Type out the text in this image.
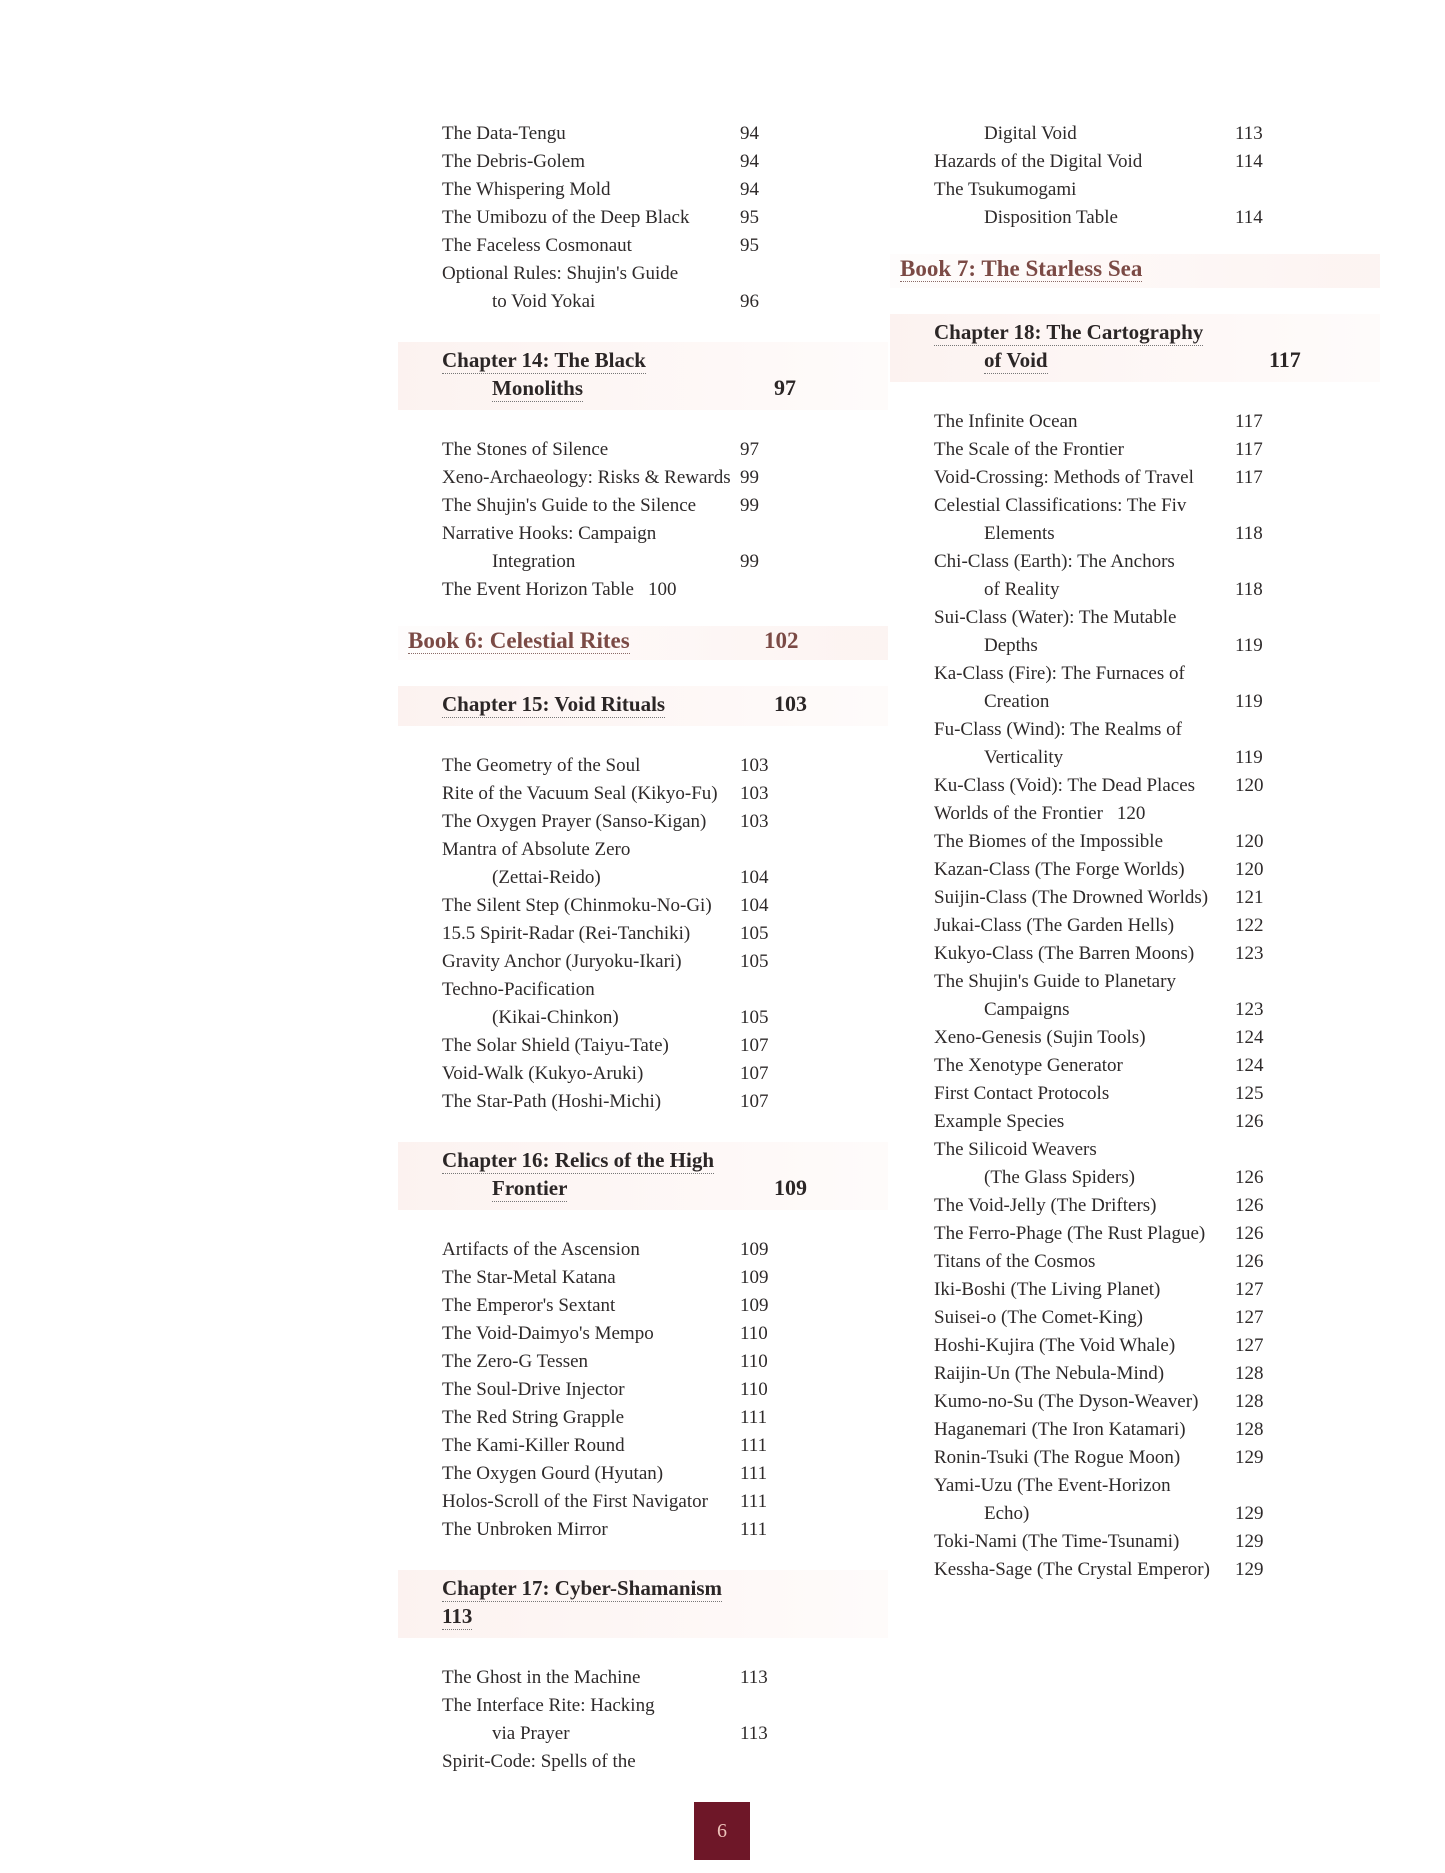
The Data-Tengu	94
The Debris-Golem	94
The Whispering Mold	94
The Umibozu of the Deep Black	95
The Faceless Cosmonaut	95
Optional Rules: Shujin's Guide
to Void Yokai	96
Chapter 14: The Black
Monoliths	97
The Stones of Silence	97
Xeno-Archaeology: Risks & Rewards 99
The Shujin's Guide to the Silence 99
Narrative Hooks: Campaign
Integration	99
The Event Horizon Table 100
Book 6: Celestial Rites	102
Chapter 15: Void Rituals	103
The Geometry of the Soul	103
Rite of the Vacuum Seal (Kikyo-Fu) 103
The Oxygen Prayer (Sanso-Kigan) 103
Mantra of Absolute Zero
(Zettai-Reido)	104
The Silent Step (Chinmoku-No-Gi) 104
15.5 Spirit-Radar (Rei-Tanchiki)	105
Gravity Anchor (Juryoku-Ikari)	105
Techno-Pacification
(Kikai-Chinkon)	105
The Solar Shield (Taiyu-Tate)	107
Void-Walk (Kukyo-Aruki)	107
The Star-Path (Hoshi-Michi)	107
Chapter 16: Relics of the High
Frontier	109
Artifacts of the Ascension	109
The Star-Metal Katana	109
The Emperor's Sextant	109
The Void-Daimyo's Mempo	110
The Zero-G Tessen	110
The Soul-Drive Injector	110
The Red String Grapple	111
The Kami-Killer Round	111
The Oxygen Gourd (Hyutan)	111
Holos-Scroll of the First Navigator 111
The Unbroken Mirror	111
Chapter 17: Cyber-Shamanism
113
The Ghost in the Machine	113
The Interface Rite: Hacking
via Prayer	113
Spirit-Code: Spells of the
Digital Void	113
Hazards of the Digital Void	114
The Tsukumogami
Disposition Table	114
Book 7: The Starless Sea
Chapter 18: The Cartography
of Void	117
The Infinite Ocean	117
The Scale of the Frontier	117
Void-Crossing: Methods of Travel 117
Celestial Classifications: The Fiv
Elements	118
Chi-Class (Earth): The Anchors
of Reality	118
Sui-Class (Water): The Mutable
Depths	119
Ka-Class (Fire): The Furnaces of
Creation	119
Fu-Class (Wind): The Realms of
Verticality	119
Ku-Class (Void): The Dead Places 120
Worlds of the Frontier 120
The Biomes of the Impossible	120
Kazan-Class (The Forge Worlds)	120
Suijin-Class (The Drowned Worlds) 121
Jukai-Class (The Garden Hells)	122
Kukyo-Class (The Barren Moons) 123
The Shujin's Guide to Planetary
Campaigns	123
Xeno-Genesis (Sujin Tools)	124
The Xenotype Generator	124
First Contact Protocols	125
Example Species	126
The Silicoid Weavers
(The Glass Spiders)	126
The Void-Jelly (The Drifters)	126
The Ferro-Phage (The Rust Plague) 126
Titans of the Cosmos	126
Iki-Boshi (The Living Planet)	127
Suisei-o (The Comet-King)	127
Hoshi-Kujira (The Void Whale)	127
Raijin-Un (The Nebula-Mind)	128
Kumo-no-Su (The Dyson-Weaver) 128
Haganemari (The Iron Katamari)	128
Ronin-Tsuki (The Rogue Moon)	129
Yami-Uzu (The Event-Horizon
Echo)	129
Toki-Nami (The Time-Tsunami)	129
Kessha-Sage (The Crystal Emperor) 129
6
